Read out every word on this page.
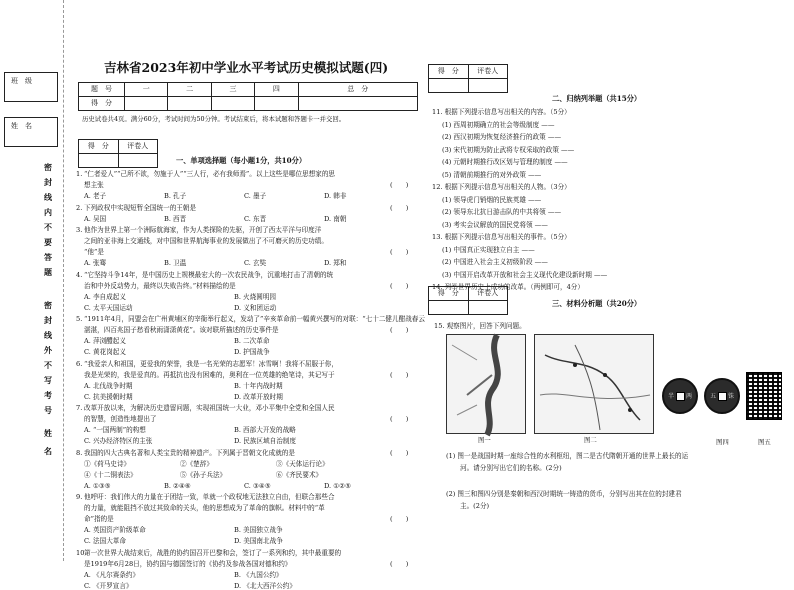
班　级
姓　名
密
封
线
内
不
要
答
题
密
封
线
外
不
写
考
号
姓
名
吉林省2023年初中学业水平考试历史模拟试题(四)
题　号	一	二	三	四	总　分
得　分					
历史试卷共4页。满分60分，考试时间为50分钟。考试结束后，将本试题和答题卡一并交回。
得　分	评卷人

一、单项选择题（每小题1分，共10分）
1. “仁者爱人”“己所不欲，勿施于人”“三人行，必有我师焉”。以上这些是哪位思想家的思
想主张	(　　)
A. 老子	B. 孔子	C. 墨子	D. 韩非
2. 下列政权中实现短暂全国统一的王朝是	(　　)
A. 吴国	B. 西晋	C. 东晋	D. 南朝
3. 他作为世界上第一个洲际航海家，作为人类探险的先驱，开创了西太平洋与印度洋
之间的亚非海上交通线，对中国和世界航海事业的发展做出了不可磨灭的历史功绩。
“他”是	(　　)
A. 张骞	B. 卫温	C. 玄奘	D. 郑和
4. “它坚持斗争14年，是中国历史上规模最宏大的一次农民战争，沉重地打击了清朝的统
治和中外反动势力，最终以失败告终。”材料描绘的是	(　　)
A. 李自成起义	B. 火烧圆明园
C. 太平天国运动	D. 义和团运动
5. “1911年4月，同盟会在广州黄埔区的宰衙举行起义，发动了”辛亥革命前一幅黄兴撰写的对联：“七十二健儿酣战春云
湛湛，四百兆国子愁看秋雨潇潇黄花”。该对联所描述的历史事件是	(　　)
A. 萍浏醴起义	B. 二次革命
C. 黄花岗起义	D. 护国战争
6. “我爱亲人和祖国，更爱我的荣誉，我是一名光荣的志愿军！冰雪啊！我将不屈服于你，
我是光荣的，我是爱真的。再抵抗也没有困难的，奥利在一位英雄的绝笔诗，其记写于	(　　)
A. 北伐战争时期	B. 十年内战时期
C. 抗美援朝时期	D. 改革开放时期
7. 改革开放以来，为解决历史遗留问题，实现祖国统一大业，邓小平集中全党和全国人民
的智慧，创造性地提出了	(　　)
A. “一国两制”的构想	B. 西部大开发的战略
C. 兴办经济特区的主张	D. 民族区域自治制度
8. 我国的四大古典名著和人类宝贵的精神遗产。下列属于晋朝文化成就的是	(　　)
①《荷马史诗》	②《楚辞》	③《天体运行论》
④《十二铜表法》	⑤《孙子兵法》	⑥《齐民要术》
A. ①③⑤	B. ②④⑥	C. ③④⑤	D. ①②⑤
9. 他呼吁：我们伟大的力量在于团结一致，单就一个政权地无法独立自由，但联合那些合
的力量，就能阻挡不放过其致命的关头，他的思想成为了革命的旗帜。材料中的“革
命”指的是	(　　)
A. 英国资产阶级革命	B. 美国独立战争
C. 法国大革命	D. 美国南北战争
10.
第一次世界大战结束后，战胜的协约国召开巴黎和会，签订了一系列和约，其中最重要的
是1919年6月28日，协约国与德国签订的《协约及参战各国对德和约》	(　　)
A. 《凡尔赛条约》	B. 《九国公约》
C. 《开罗宣言》	D. 《北大西洋公约》
得　分	评卷人

二、归纳列举题（共15分）
11. 根据下列提示信息写出相关的内容。（5分）
(1) 西周初期确立的社会等级制度 ——
(2) 西汉初期为恢复经济推行的政策 ——
(3) 宋代初期为防止武将专权采取的政策 ——
(4) 元朝时期推行改区划与管理的制度 ——
(5) 清朝前期推行的对外政策 ——
12. 根据下列提示信息写出相关的人物。（3分）
(1) 领导虎门销烟的民族英雄 ——
(2) 领导东北抗日游击队的中共将领 ——
(3) 考实会议解放的国民党将领 ——
13. 根据下列提示信息写出相关的事件。（5分）
(1) 中国真正实现独立自主 ——
(2) 中国进入社会主义初级阶段 ——
(3) 中国开启改革开放和社会主义现代化建设新时期 ——
14. 列举世界历史上成功的改革。（两例即可，4分）
得　分	评卷人

三、材料分析题（共20分）
15. 观察图片，回答下列问题。
半 两	五 铢
图一	图二	图四	图五
(1) 图一是战国时期一座综合性的水利枢纽，图二是古代隋朝开通的世界上最长的运
河。请分别写出它们的名称。(2分)
(2) 图三和图四分别是秦朝和西汉时期统一铸造的货币，分别写出其在位的封建君
主。(2分)
